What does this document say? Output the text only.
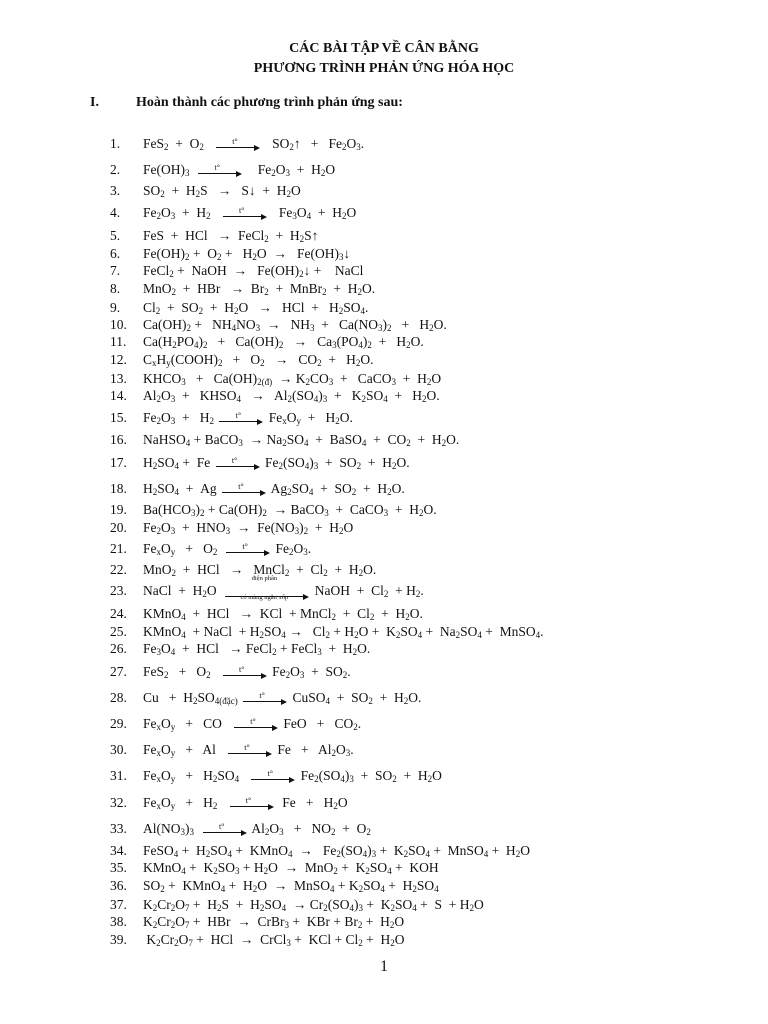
CÁC BÀI TẬP VỀ CÂN BẰNG
PHƯƠNG TRÌNH PHẢN ỨNG HÓA HỌC
I.	Hoàn thành các phương trình phản ứng sau:
1.	$FeS_2 + O_2$
t°	$SO_2↑ + Fe_2O_3$.
2.	$Fe(OH)_3$
t°	$Fe_2O_3 + H_2O$
3.	$SO_2 + H_2S$   →   S↓  +  $H_2O$
4.	$Fe_2O_3 + H_2$
t°	$Fe_3O_4 + H_2O$
5.	FeS  +  HCl   →  FeCl$_2$  +  $H_2S↑$
6.	$Fe(OH)_2 + O_2 + H_2O$  →   $Fe(OH)_3↓$
7.	FeCl$_2$ +  NaOH  →   $Fe(OH)_2↓$ +    NaCl
8.	MnO$_2$  +  HBr   →  $Br_2$  +  MnBr$_2$  +  $H_2O$.
9.	$Cl_2 + SO_2 + H_2O$   →   HCl  +   $H_2SO_4$.
10.	$Ca(OH)_2 + NH_4NO_3 \to NH_3 + Ca(NO_3)_2 + H_2O$.
11.	$Ca(H_2PO_4)_2 + Ca(OH)_2 \to Ca_3(PO_4)_2 + H_2O$.
12.	$C_xH_y(COOH)_2 + O_2 \to CO_2 + H_2O$.
13.	$KHCO_3 + Ca(OH)_{2(đ)} \to K_2CO_3$  +   CaCO$_3$  +  $H_2O$
14.	$Al_2O_3$  +   $KHSO_4 \to Al_2(SO_4)_3 + K_2SO_4 + H_2O$.
15.	$Fe_2O_3 + H_2$
t°	$Fe_xO_y + H_2O$.
16.	NaHSO$_4$ + BaCO$_3$  → $Na_2SO_4$  +  BaSO$_4$  +  $CO_2 + H_2O$.
17.	$H_2SO_4 + Fe$	t°	$Fe_2(SO_4)_3 + SO_2 + H_2O$.
18.	$H_2SO_4 + Ag$	t°	$Ag_2SO_4 + SO_2 + H_2O$.
19.	$Ba(HCO_3)_2 + Ca(OH)_2$  → BaCO$_3$  +  CaCO$_3$  +  $H_2O$.
20.	$Fe_2O_3 + HNO_3 \to Fe(NO_3)_2 + H_2O$
21.	$Fe_xO_y + O_2$
t°	$Fe_2O_3$.
22.	MnO$_2$  +  HCl   →   MnCl$_2$  +  $Cl_2 + H_2O$.
23.	NaCl  +  $H_2O$
điện phân
có màng ngăn xốp	NaOH  +  $Cl_2 + H_2$.
24.	KMnO$_4$  +  HCl   →  KCl  + MnCl$_2$  +  $Cl_2 + H_2O$.
25.	KMnO$_4$  + NaCl  + $H_2SO_4 \to Cl_2 + H_2O + K_2SO_4 + Na_2SO_4$ +  MnSO$_4$.
26.	$Fe_3O_4$  +  HCl   → FeCl$_2$ + FeCl$_3$  +  $H_2O$.
27.	$FeS_2 + O_2$
t°	$Fe_2O_3 + SO_2$.
28.	$Cu + H_2SO_{4(đặc)}$
t°	CuSO$_4$  +  $SO_2 + H_2O$.
29.	$Fe_xO_y$   +   CO	t°	FeO   +   $CO_2$.
30.	$Fe_xO_y + Al$	t°	$Fe + Al_2O_3$.
31.	$Fe_xO_y + H_2SO_4$
t°	$Fe_2(SO_4)_3 + SO_2 + H_2O$
32.	$Fe_xO_y + H_2$
t°	$Fe + H_2O$
33.	$Al(NO_3)_3$
t°	$Al_2O_3 + NO_2 + O_2$
34.	FeSO$_4$ +  $H_2SO_4$ +  KMnO$_4$  →   $Fe_2(SO_4)_3 + K_2SO_4$ +  MnSO$_4$ +  $H_2O$
35.	KMnO$_4$ +  $K_2SO_3 + H_2O \to MnO_2 + K_2SO_4$ +  KOH
36.	$SO_2$ +  KMnO$_4$ +  $H_2O$  →  MnSO$_4$ + $K_2SO_4 + H_2SO_4$
37.	$K_2Cr_2O_7 + H_2S + H_2SO_4 \to Cr_2(SO_4)_3 + K_2SO_4 + S + H_2O$
38.	$K_2Cr_2O_7$ +  HBr  →  CrBr$_3$ +  KBr + $Br_2 + H_2O$
39.	$K_2Cr_2O_7$ +  HCl  →  CrCl$_3$ +  KCl + $Cl_2 + H_2O$
1
